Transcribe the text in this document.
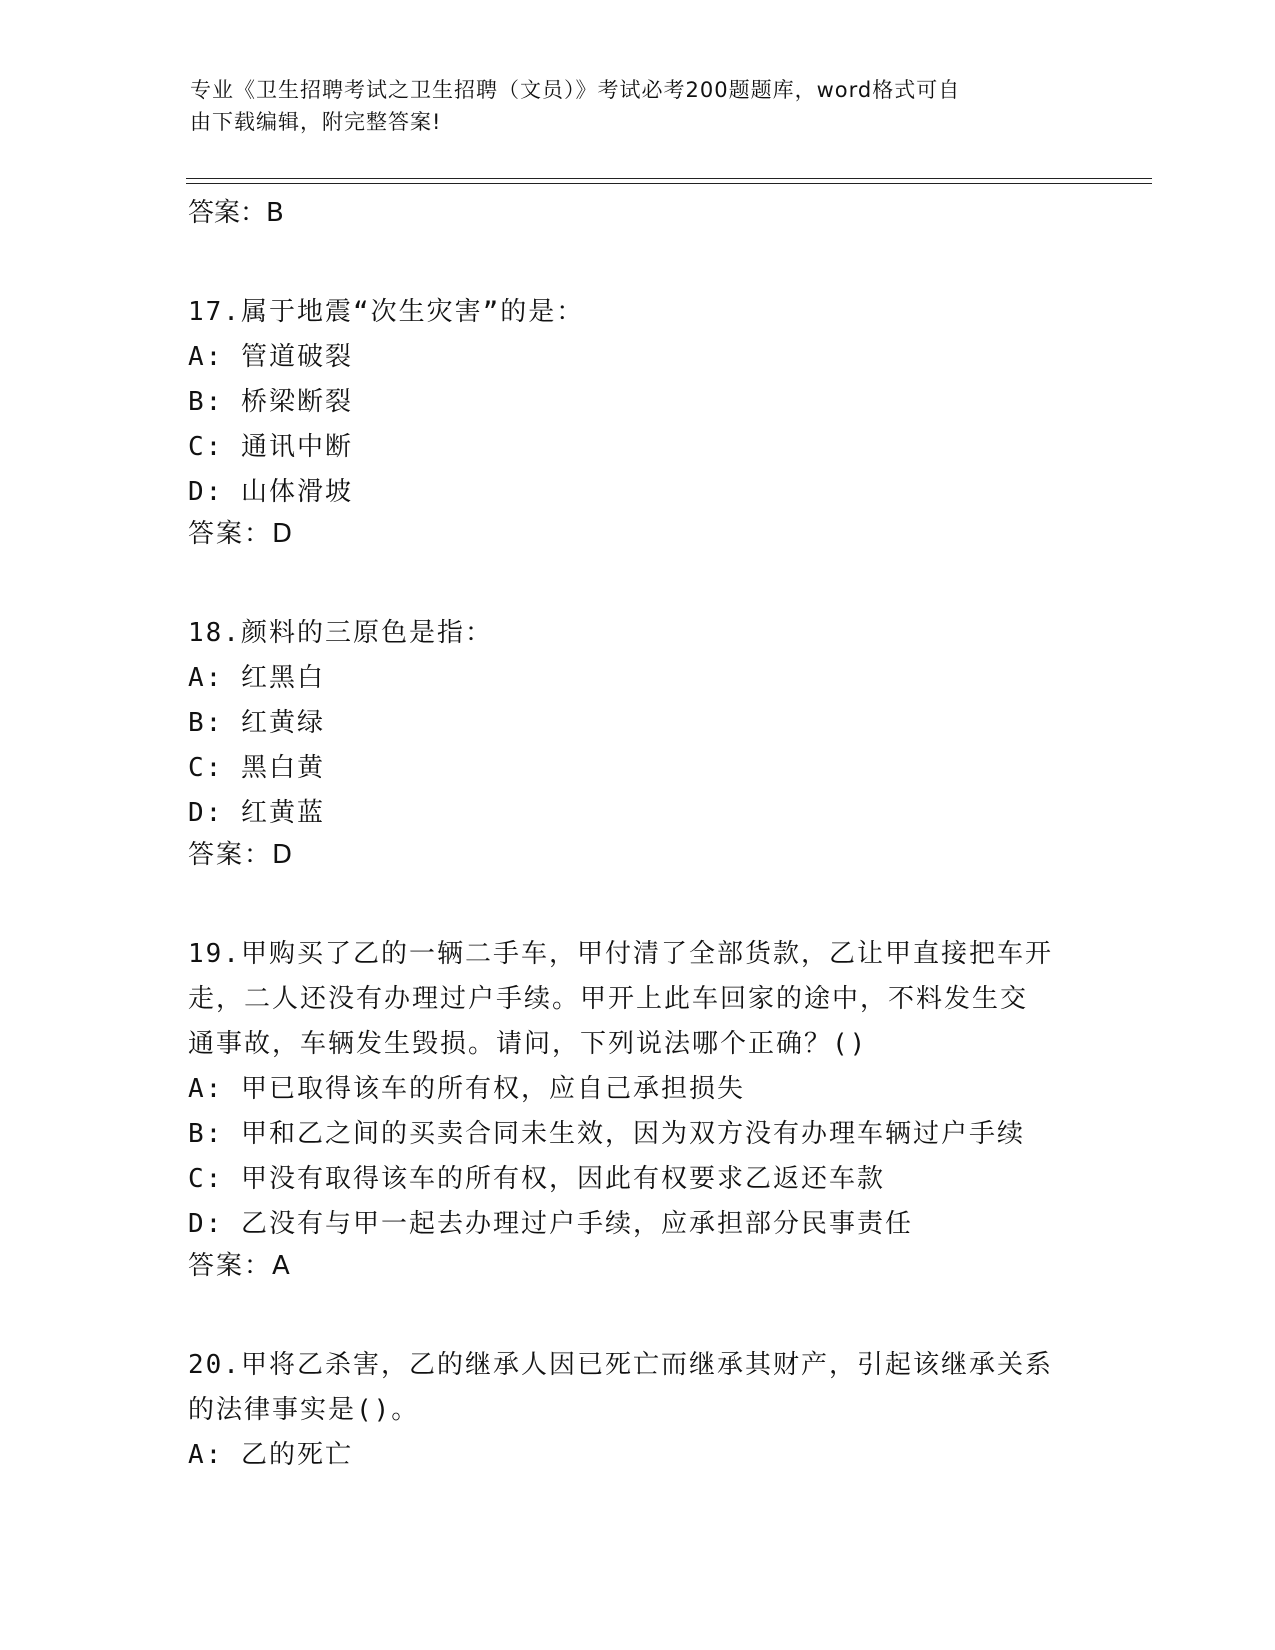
专业《卫生招聘考试之卫生招聘（文员）》考试必考200题题库，word格式可自
由下载编辑，附完整答案!
答案：B
17.属于地震“次生灾害”的是：
A: 管道破裂
B: 桥梁断裂
C: 通讯中断
D: 山体滑坡
答案：D
18.颜料的三原色是指：
A: 红黑白
B: 红黄绿
C: 黑白黄
D: 红黄蓝
答案：D
19.甲购买了乙的一辆二手车，甲付清了全部货款，乙让甲直接把车开
走，二人还没有办理过户手续。甲开上此车回家的途中，不料发生交
通事故，车辆发生毁损。请问，下列说法哪个正确？()
A: 甲已取得该车的所有权，应自己承担损失
B: 甲和乙之间的买卖合同未生效，因为双方没有办理车辆过户手续
C: 甲没有取得该车的所有权，因此有权要求乙返还车款
D: 乙没有与甲一起去办理过户手续，应承担部分民事责任
答案：A
20.甲将乙杀害，乙的继承人因已死亡而继承其财产，引起该继承关系
的法律事实是()。
A: 乙的死亡
